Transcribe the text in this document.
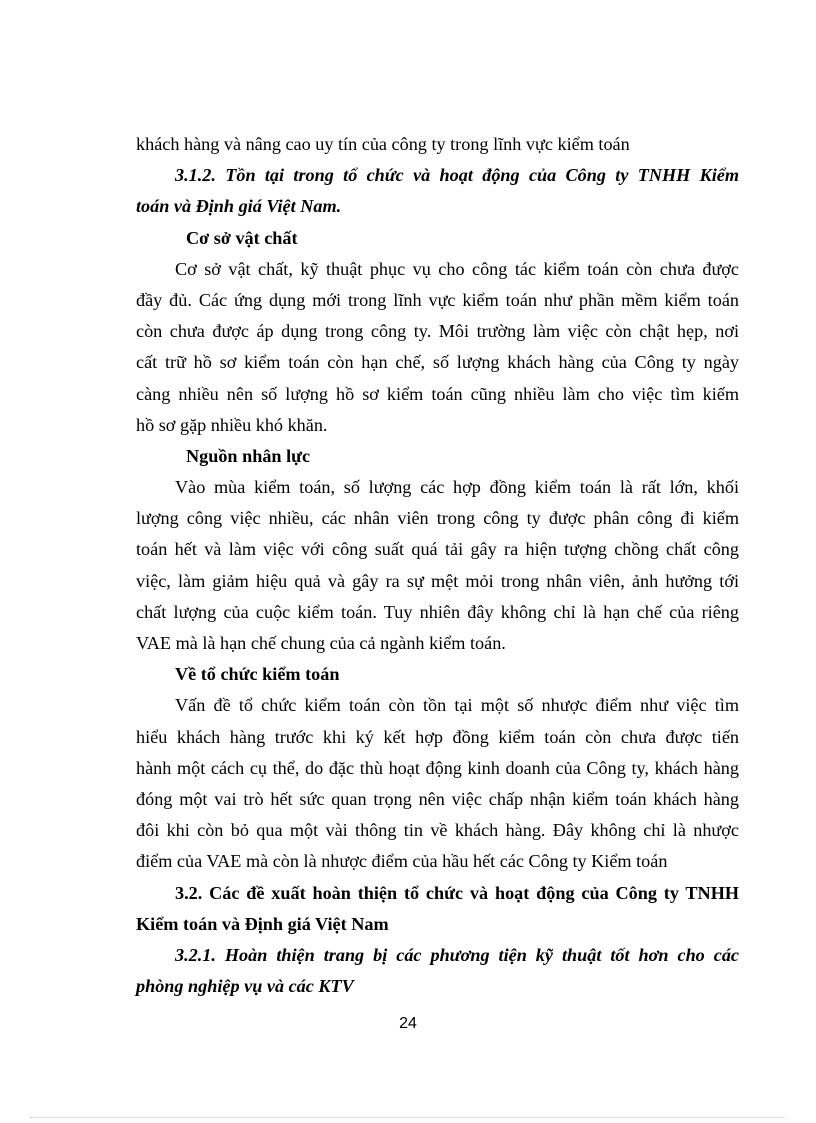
khách hàng và nâng cao uy tín của công ty trong lĩnh vực kiểm toán
3.1.2. Tồn tại trong tổ chức và hoạt động của Công ty TNHH Kiểm
toán và Định giá Việt Nam.
Cơ sở vật chất
Cơ sở vật chất, kỹ thuật phục vụ cho công tác kiểm toán còn chưa được
đầy đủ. Các ứng dụng mới trong lĩnh vực kiểm toán như phần mềm kiểm toán
còn chưa được áp dụng trong công ty. Môi trường làm việc còn chật hẹp, nơi
cất trữ hồ sơ kiểm toán còn hạn chế, số lượng khách hàng của Công ty ngày
càng nhiều nên số lượng hồ sơ kiểm toán cũng nhiều làm cho việc tìm kiếm
hồ sơ gặp nhiều khó khăn.
Nguồn nhân lực
Vào mùa kiểm toán, số lượng các hợp đồng kiểm toán là rất lớn, khối
lượng công việc nhiều, các nhân viên trong công ty được phân công đi kiểm
toán hết và làm việc với công suất quá tải gây ra hiện tượng chồng chất công
việc, làm giảm hiệu quả và gây ra sự mệt mỏi trong nhân viên, ảnh hưởng tới
chất lượng của cuộc kiểm toán. Tuy nhiên đây không chỉ là hạn chế của riêng
VAE mà là hạn chế chung của cả ngành kiểm toán.
Về tổ chức kiểm toán
Vấn đề tổ chức kiểm toán còn tồn tại một số nhược điểm như việc tìm
hiểu khách hàng trước khi ký kết hợp đồng kiểm toán còn chưa được tiến
hành một cách cụ thể, do đặc thù hoạt động kinh doanh của Công ty, khách hàng
đóng một vai trò hết sức quan trọng nên việc chấp nhận kiểm toán khách hàng
đôi khi còn bỏ qua một vài thông tin về khách hàng. Đây không chỉ là nhược
điểm của VAE mà còn là nhược điểm của hầu hết các Công ty Kiểm toán
3.2. Các đề xuất hoàn thiện tổ chức và hoạt động của Công ty TNHH
Kiểm toán và Định giá Việt Nam
3.2.1. Hoàn thiện trang bị các phương tiện kỹ thuật tốt hơn cho các
phòng nghiệp vụ và các KTV
24
